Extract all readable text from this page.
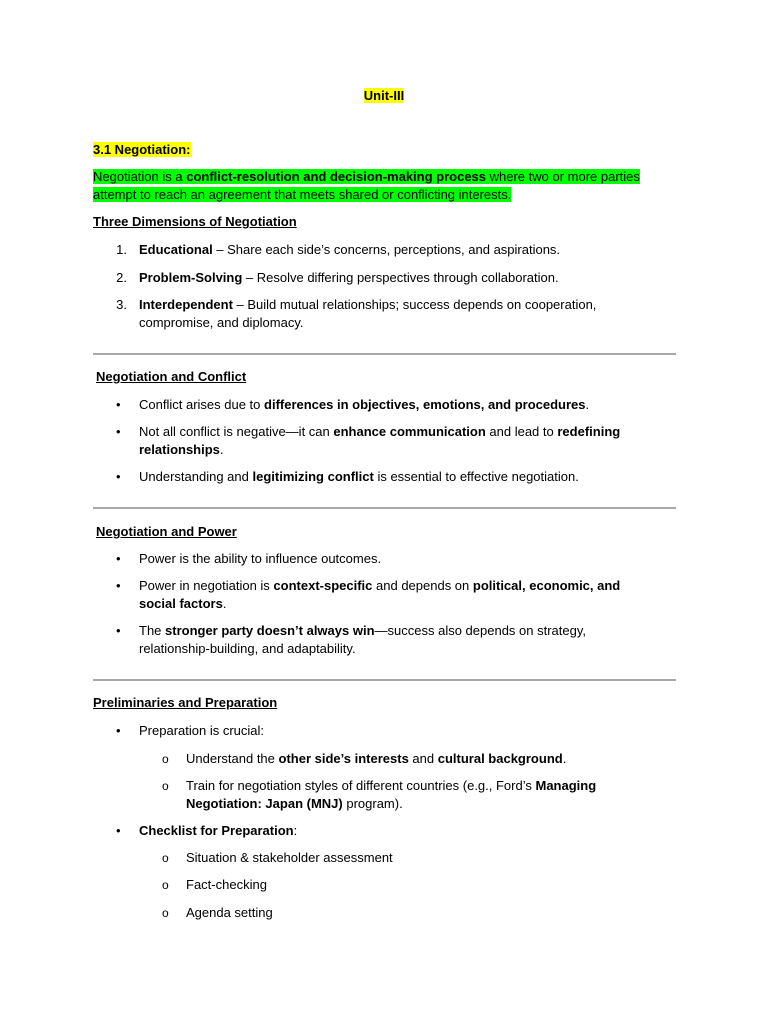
Unit-III
3.1 Negotiation:
Negotiation is a conflict-resolution and decision-making process where two or more parties attempt to reach an agreement that meets shared or conflicting interests.
Three Dimensions of Negotiation
1. Educational – Share each side’s concerns, perceptions, and aspirations.
2. Problem-Solving – Resolve differing perspectives through collaboration.
3. Interdependent – Build mutual relationships; success depends on cooperation, compromise, and diplomacy.
Negotiation and Conflict
• Conflict arises due to differences in objectives, emotions, and procedures.
• Not all conflict is negative—it can enhance communication and lead to redefining relationships.
• Understanding and legitimizing conflict is essential to effective negotiation.
Negotiation and Power
• Power is the ability to influence outcomes.
• Power in negotiation is context-specific and depends on political, economic, and social factors.
• The stronger party doesn’t always win—success also depends on strategy, relationship-building, and adaptability.
Preliminaries and Preparation
• Preparation is crucial:
o Understand the other side’s interests and cultural background.
o Train for negotiation styles of different countries (e.g., Ford’s Managing Negotiation: Japan (MNJ) program).
• Checklist for Preparation:
o Situation & stakeholder assessment
o Fact-checking
o Agenda setting
